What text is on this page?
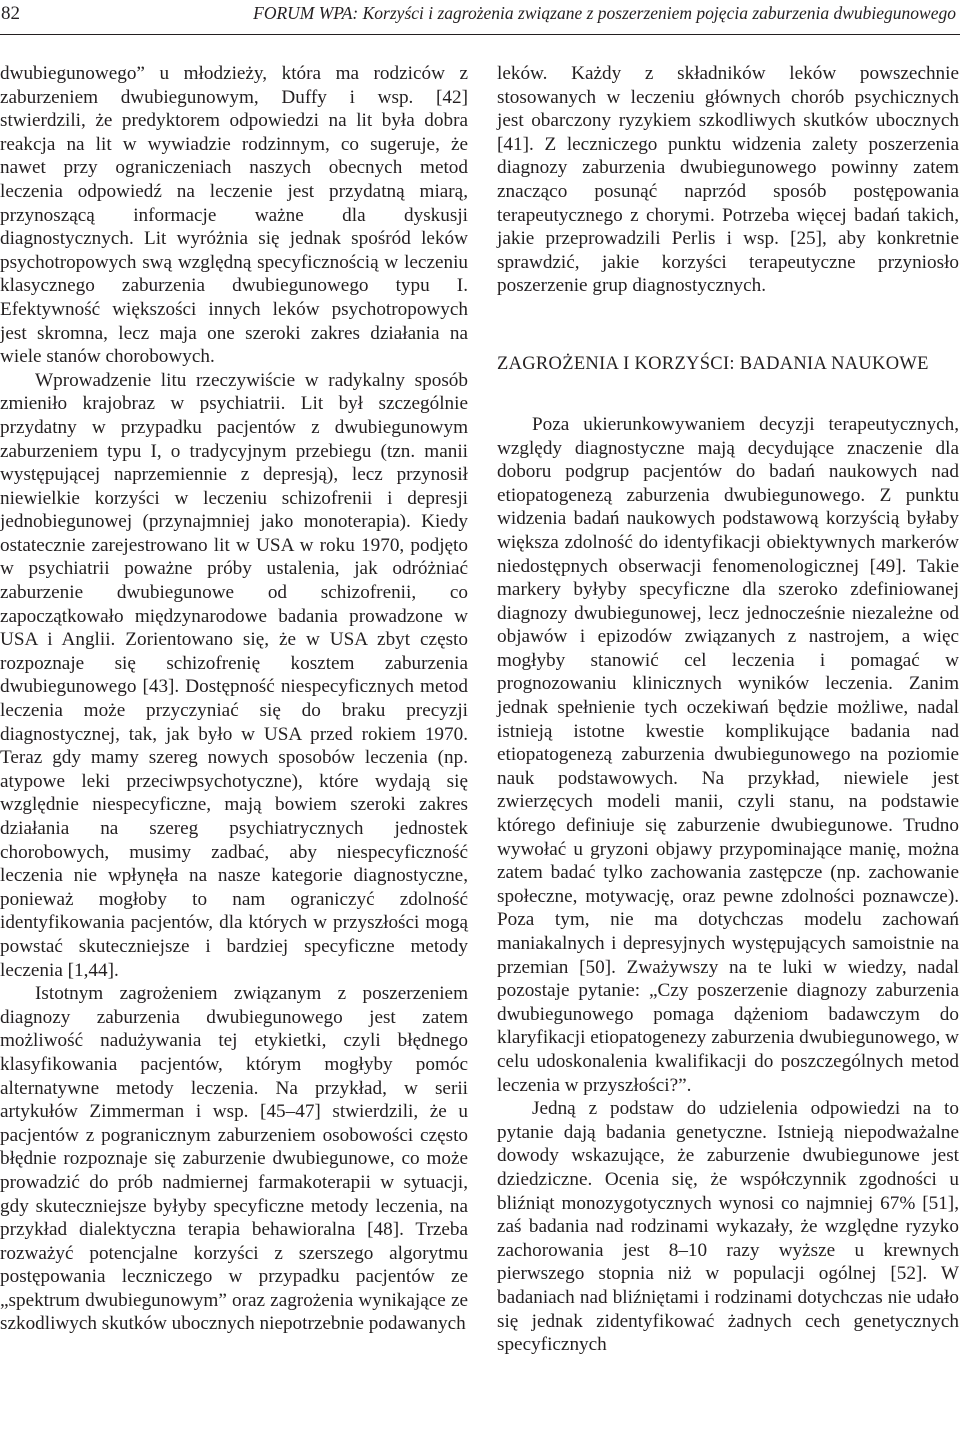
82	FORUM WPA: Korzyści i zagrożenia związane z poszerzeniem pojęcia zaburzenia dwubiegunowego

dwubiegunowego” u młodzieży, która ma rodziców z zaburzeniem dwubiegunowym, Duffy i wsp. [42] stwierdzili, że predyktorem odpowiedzi na lit była dobra reakcja na lit w wywiadzie rodzinnym, co sugeruje, że nawet przy ograniczeniach naszych obecnych metod leczenia odpowiedź na leczenie jest przydatną miarą, przynoszącą informacje ważne dla dyskusji diagnostycznych. Lit wyróżnia się jednak spośród leków psychotropowych swą względną specyficznością w leczeniu klasycznego zaburzenia dwubiegunowego typu I. Efektywność większości innych leków psychotropowych jest skromna, lecz maja one szeroki zakres działania na wiele stanów chorobowych.

Wprowadzenie litu rzeczywiście w radykalny sposób zmieniło krajobraz w psychiatrii. Lit był szczególnie przydatny w przypadku pacjentów z dwubiegunowym zaburzeniem typu I, o tradycyjnym przebiegu (tzn. manii występującej naprzemiennie z depresją), lecz przynosił niewielkie korzyści w leczeniu schizofrenii i depresji jednobiegunowej (przynajmniej jako monoterapia). Kiedy ostatecznie zarejestrowano lit w USA w roku 1970, podjęto w psychiatrii poważne próby ustalenia, jak odróżniać zaburzenie dwubiegunowe od schizofrenii, co zapoczątkowało międzynarodowe badania prowadzone w USA i Anglii. Zorientowano się, że w USA zbyt często rozpoznaje się schizofrenię kosztem zaburzenia dwubiegunowego [43]. Dostępność niespecyficznych metod leczenia może przyczyniać się do braku precyzji diagnostycznej, tak, jak było w USA przed rokiem 1970. Teraz gdy mamy szereg nowych sposobów leczenia (np. atypowe leki przeciwpsychotyczne), które wydają się względnie niespecyficzne, mają bowiem szeroki zakres działania na szereg psychiatrycznych jednostek chorobowych, musimy zadbać, aby niespecyficzność leczenia nie wpłynęła na nasze kategorie diagnostyczne, ponieważ mogłoby to nam ograniczyć zdolność identyfikowania pacjentów, dla których w przyszłości mogą powstać skuteczniejsze i bardziej specyficzne metody leczenia [1,44].

Istotnym zagrożeniem związanym z poszerzeniem diagnozy zaburzenia dwubiegunowego jest zatem możliwość nadużywania tej etykietki, czyli błędnego klasyfikowania pacjentów, którym mogłyby pomóc alternatywne metody leczenia. Na przykład, w serii artykułów Zimmerman i wsp. [45–47] stwierdzili, że u pacjentów z pogranicznym zaburzeniem osobowości często błędnie rozpoznaje się zaburzenie dwubiegunowe, co może prowadzić do prób nadmiernej farmakoterapii w sytuacji, gdy skuteczniejsze byłyby specyficzne metody leczenia, na przykład dialektyczna terapia behawioralna [48]. Trzeba rozważyć potencjalne korzyści z szerszego algorytmu postępowania leczniczego w przypadku pacjentów ze „spektrum dwubiegunowym” oraz zagrożenia wynikające ze szkodliwych skutków ubocznych niepotrzebnie podawanych

leków. Każdy z składników leków powszechnie stosowanych w leczeniu głównych chorób psychicznych jest obarczony ryzykiem szkodliwych skutków ubocznych [41]. Z leczniczego punktu widzenia zalety poszerzenia diagnozy zaburzenia dwubiegunowego powinny zatem znacząco posunąć naprzód sposób postępowania terapeutycznego z chorymi. Potrzeba więcej badań takich, jakie przeprowadzili Perlis i wsp. [25], aby konkretnie sprawdzić, jakie korzyści terapeutyczne przyniosło poszerzenie grup diagnostycznych.

ZAGROŻENIA I KORZYŚCI: BADANIA NAUKOWE

Poza ukierunkowywaniem decyzji terapeutycznych, względy diagnostyczne mają decydujące znaczenie dla doboru podgrup pacjentów do badań naukowych nad etiopatogenezą zaburzenia dwubiegunowego. Z punktu widzenia badań naukowych podstawową korzyścią byłaby większa zdolność do identyfikacji obiektywnych markerów niedostępnych obserwacji fenomenologicznej [49]. Takie markery byłyby specyficzne dla szeroko zdefiniowanej diagnozy dwubiegunowej, lecz jednocześnie niezależne od objawów i epizodów związanych z nastrojem, a więc mogłyby stanowić cel leczenia i pomagać w prognozowaniu klinicznych wyników leczenia. Zanim jednak spełnienie tych oczekiwań będzie możliwe, nadal istnieją istotne kwestie komplikujące badania nad etiopatogenezą zaburzenia dwubiegunowego na poziomie nauk podstawowych. Na przykład, niewiele jest zwierzęcych modeli manii, czyli stanu, na podstawie którego definiuje się zaburzenie dwubiegunowe. Trudno wywołać u gryzoni objawy przypominające manię, można zatem badać tylko zachowania zastępcze (np. zachowanie społeczne, motywację, oraz pewne zdolności poznawcze). Poza tym, nie ma dotychczas modelu zachowań maniakalnych i depresyjnych występujących samoistnie na przemian [50]. Zważywszy na te luki w wiedzy, nadal pozostaje pytanie: „Czy poszerzenie diagnozy zaburzenia dwubiegunowego pomaga dążeniom badawczym do klaryfikacji etiopatogenezy zaburzenia dwubiegunowego, w celu udoskonalenia kwalifikacji do poszczególnych metod leczenia w przyszłości?”.

Jedną z podstaw do udzielenia odpowiedzi na to pytanie dają badania genetyczne. Istnieją niepodważalne dowody wskazujące, że zaburzenie dwubiegunowe jest dziedziczne. Ocenia się, że współczynnik zgodności u bliźniąt monozygotycznych wynosi co najmniej 67% [51], zaś badania nad rodzinami wykazały, że względne ryzyko zachorowania jest 8–10 razy wyższe u krewnych pierwszego stopnia niż w populacji ogólnej [52]. W badaniach nad bliźniętami i rodzinami dotychczas nie udało się jednak zidentyfikować żadnych cech genetycznych specyficznych
